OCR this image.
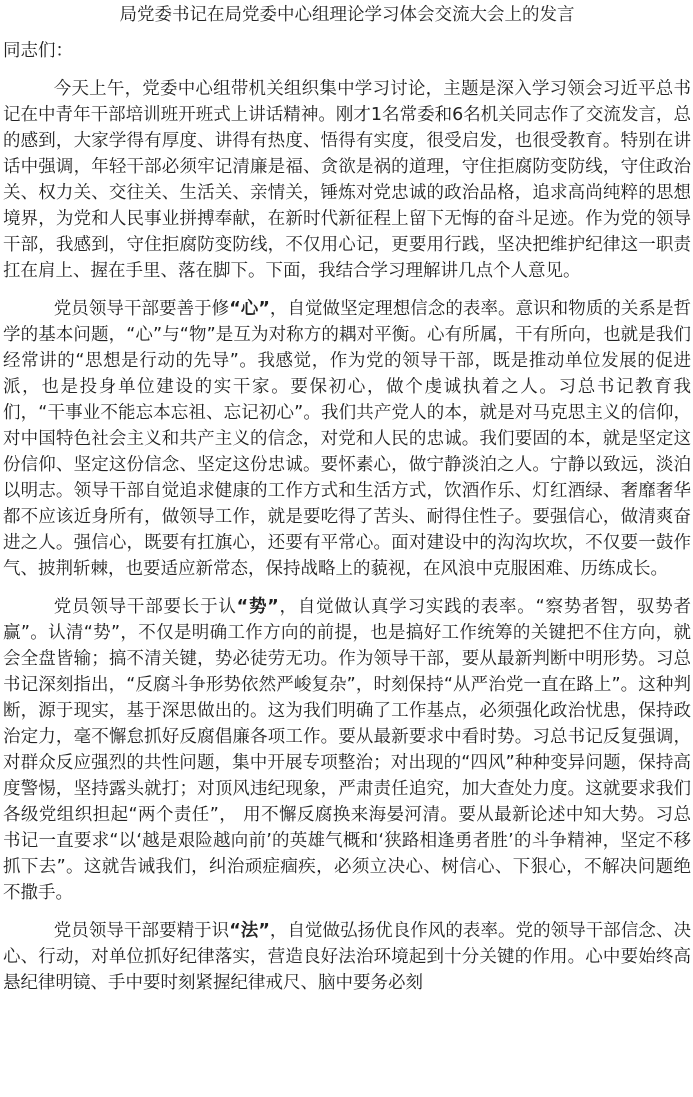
局党委书记在局党委中心组理论学习体会交流大会上的发言
同志们：

今天上午，党委中心组带机关组织集中学习讨论，主题是深入学习领会习近平总书记在中青年干部培训班开班式上讲话精神。刚才1名常委和6名机关同志作了交流发言，总的感到，大家学得有厚度、讲得有热度、悟得有实度，很受启发，也很受教育。特别在讲话中强调，年轻干部必须牢记清廉是福、贪欲是祸的道理，守住拒腐防变防线，守住政治关、权力关、交往关、生活关、亲情关，锤炼对党忠诚的政治品格，追求高尚纯粹的思想境界，为党和人民事业拼搏奉献，在新时代新征程上留下无悔的奋斗足迹。作为党的领导干部，我感到，守住拒腐防变防线，不仅用心记，更要用行践，坚决把维护纪律这一职责扛在肩上、握在手里、落在脚下。下面，我结合学习理解讲几点个人意见。

党员领导干部要善于修“心”，自觉做坚定理想信念的表率。意识和物质的关系是哲学的基本问题，“心”与“物”是互为对称方的耦对平衡。心有所属，干有所向，也就是我们经常讲的“思想是行动的先导”。我感觉，作为党的领导干部，既是推动单位发展的促进派，也是投身单位建设的实干家。要保初心，做个虔诚执着之人。习总书记教育我们，“干事业不能忘本忘祖、忘记初心”。我们共产党人的本，就是对马克思主义的信仰，对中国特色社会主义和共产主义的信念，对党和人民的忠诚。我们要固的本，就是坚定这份信仰、坚定这份信念、坚定这份忠诚。要怀素心，做宁静淡泊之人。宁静以致远，淡泊以明志。领导干部自觉追求健康的工作方式和生活方式，饮酒作乐、灯红酒绿、奢靡奢华都不应该近身所有，做领导工作，就是要吃得了苦头、耐得住性子。要强信心，做清爽奋进之人。强信心，既要有扛旗心，还要有平常心。面对建设中的沟沟坎坎，不仅要一鼓作气、披荆斩棘，也要适应新常态，保持战略上的藐视，在风浪中克服困难、历练成长。

党员领导干部要长于认“势”，自觉做认真学习实践的表率。“察势者智，驭势者赢”。认清“势”，不仅是明确工作方向的前提，也是搞好工作统筹的关键把不住方向，就会全盘皆输；搞不清关键，势必徒劳无功。作为领导干部，要从最新判断中明形势。习总书记深刻指出，“反腐斗争形势依然严峻复杂”，时刻保持“从严治党一直在路上”。这种判断，源于现实，基于深思做出的。这为我们明确了工作基点，必须强化政治忧患，保持政治定力，毫不懈怠抓好反腐倡廉各项工作。要从最新要求中看时势。习总书记反复强调，对群众反应强烈的共性问题，集中开展专项整治；对出现的“四风”种种变异问题，保持高度警惕，坚持露头就打；对顶风违纪现象，严肃责任追究，加大查处力度。这就要求我们各级党组织担起“两个责任”， 用不懈反腐换来海晏河清。要从最新论述中知大势。习总书记一直要求“以‘越是艰险越向前’的英雄气概和‘狭路相逢勇者胜’的斗争精神，坚定不移抓下去”。这就告诫我们，纠治顽症痼疾，必须立决心、树信心、下狠心，不解决问题绝不撒手。

党员领导干部要精于识“法”，自觉做弘扬优良作风的表率。党的领导干部信念、决心、行动，对单位抓好纪律落实，营造良好法治环境起到十分关键的作用。心中要始终高悬纪律明镜、手中要时刻紧握纪律戒尺、脑中要务必刻
